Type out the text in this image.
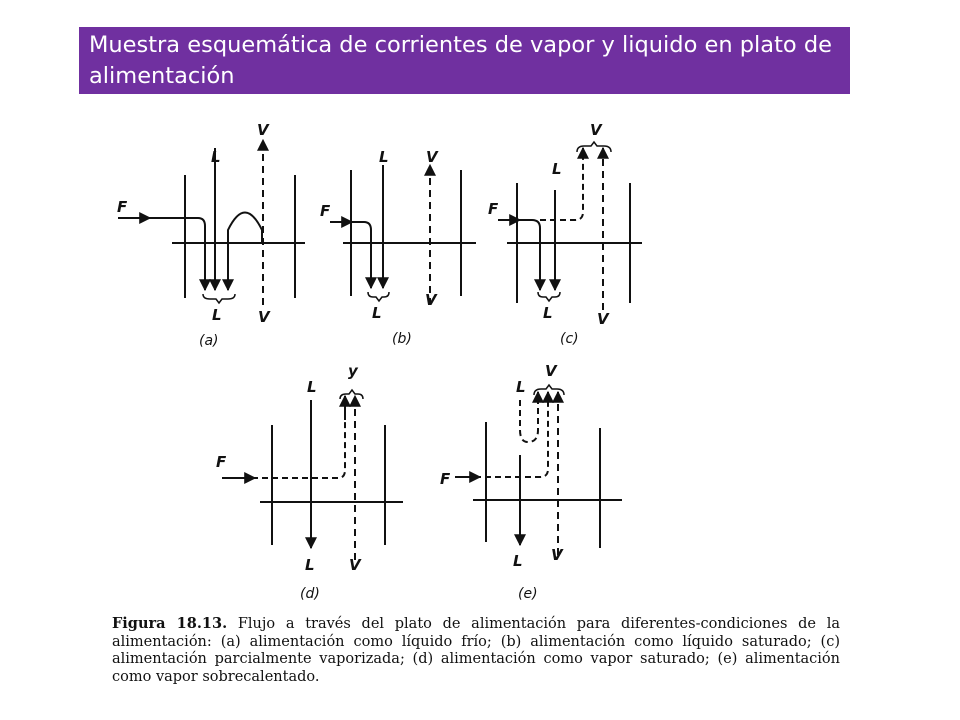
Muestra esquemática de corrientes de vapor y liquido en plato de alimentación
F
L
V
L V
(a)
F
L V
L
V
(b)
F
L
V
L	V
(c)
F
L
y
L V
(d)
F
L
V
L V
(e)
Figura 18.13. Flujo a través del plato de alimentación para diferentes-condiciones de la alimentación: (a) alimentación como líquido frío; (b) alimentación como líquido saturado; (c) alimentación parcialmente vaporizada; (d) alimentación como vapor saturado; (e) alimentación como vapor sobrecalentado.
